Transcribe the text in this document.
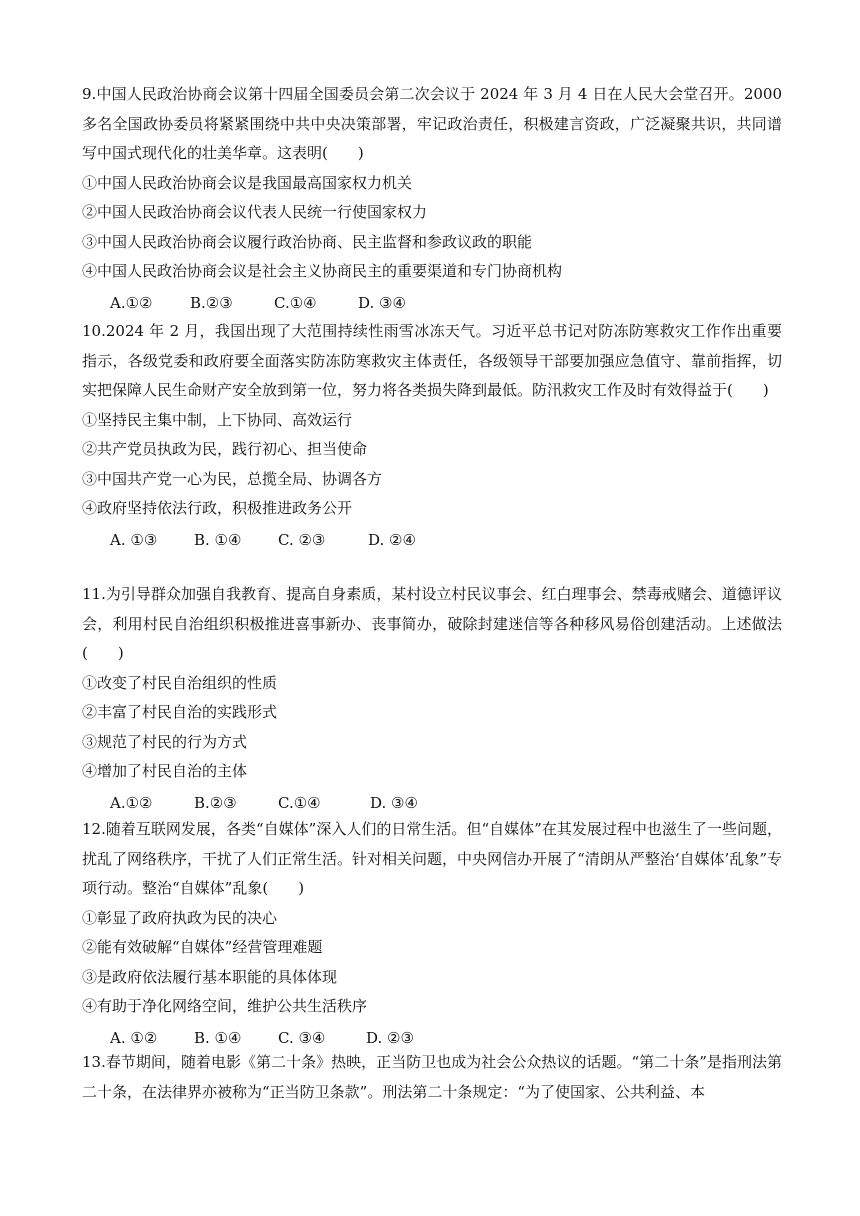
9.中国人民政治协商会议第十四届全国委员会第二次会议于 2024 年 3 月 4 日在人民大会堂召开。2000 多名全国政协委员将紧紧围绕中共中央决策部署，牢记政治责任，积极建言资政，广泛凝聚共识，共同谱写中国式现代化的壮美华章。这表明(　　)
①中国人民政治协商会议是我国最高国家权力机关
②中国人民政治协商会议代表人民统一行使国家权力
③中国人民政治协商会议履行政治协商、民主监督和参政议政的职能
④中国人民政治协商会议是社会主义协商民主的重要渠道和专门协商机构
A.①②	B.②③	C.①④	D. ③④
10.2024 年 2 月，我国出现了大范围持续性雨雪冰冻天气。习近平总书记对防冻防寒救灾工作作出重要指示，各级党委和政府要全面落实防冻防寒救灾主体责任，各级领导干部要加强应急值守、靠前指挥，切实把保障人民生命财产安全放到第一位，努力将各类损失降到最低。防汛救灾工作及时有效得益于(　　)
①坚持民主集中制，上下协同、高效运行
②共产党员执政为民，践行初心、担当使命
③中国共产党一心为民，总揽全局、协调各方
④政府坚持依法行政，积极推进政务公开
A. ①③ B. ①④ C. ②③	D. ②④
11.为引导群众加强自我教育、提高自身素质，某村设立村民议事会、红白理事会、禁毒戒赌会、道德评议会，利用村民自治组织积极推进喜事新办、丧事简办，破除封建迷信等各种移风易俗创建活动。上述做法(　　)
①改变了村民自治组织的性质
②丰富了村民自治的实践形式
③规范了村民的行为方式
④增加了村民自治的主体
A.①②	B.②③	C.①④	D. ③④
12.随着互联网发展，各类“自媒体”深入人们的日常生活。但“自媒体”在其发展过程中也滋生了一些问题，扰乱了网络秩序，干扰了人们正常生活。针对相关问题，中央网信办开展了“清朗从严整治‘自媒体’乱象”专项行动。整治“自媒体”乱象(　　)
①彰显了政府执政为民的决心
②能有效破解“自媒体”经营管理难题
③是政府依法履行基本职能的具体体现
④有助于净化网络空间，维护公共生活秩序
A. ①② B. ①④ C. ③④	D. ②③
13.春节期间，随着电影《第二十条》热映，正当防卫也成为社会公众热议的话题。“第二十条”是指刑法第二十条，在法律界亦被称为“正当防卫条款”。刑法第二十条规定：“为了使国家、公共利益、本
